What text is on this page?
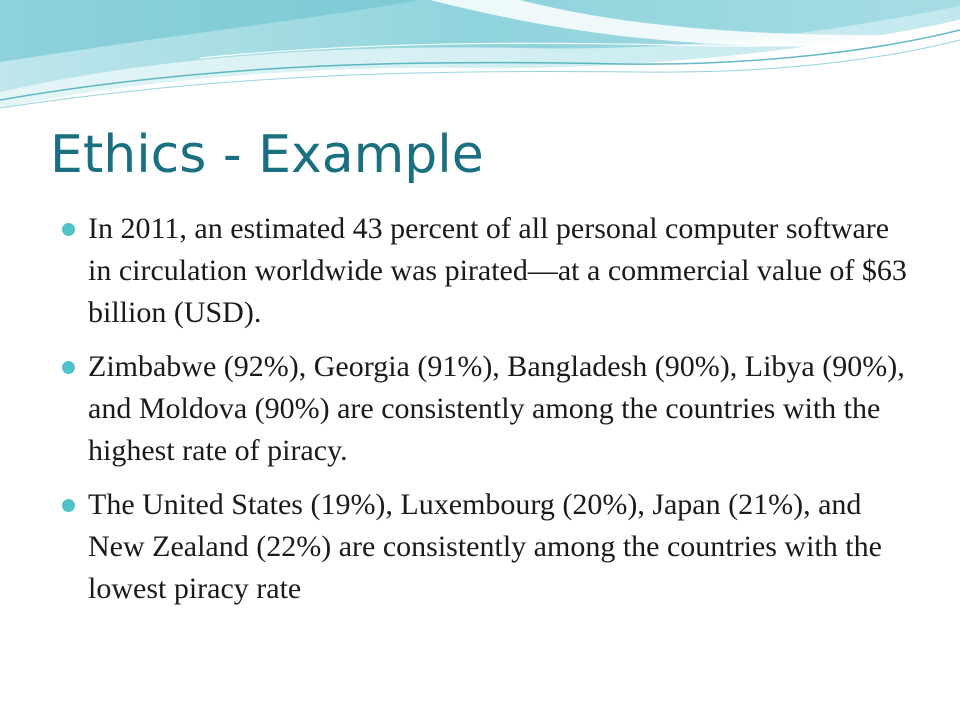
Ethics - Example
In 2011, an estimated 43 percent of all personal computer software in circulation worldwide was pirated—at a commercial value of $63 billion (USD).
Zimbabwe (92%), Georgia (91%), Bangladesh (90%), Libya (90%), and Moldova (90%) are consistently among the countries with the highest rate of piracy.
The United States (19%), Luxembourg (20%), Japan (21%), and New Zealand (22%) are consistently among the countries with the lowest piracy rate
